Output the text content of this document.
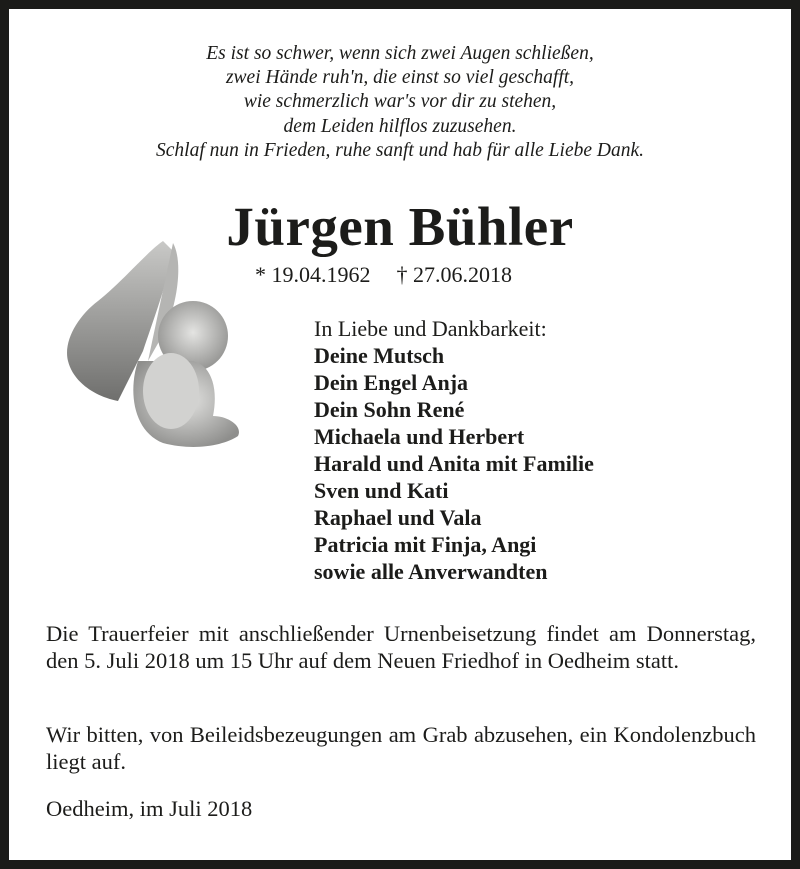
Es ist so schwer, wenn sich zwei Augen schließen,
zwei Hände ruh'n, die einst so viel geschafft,
wie schmerzlich war's vor dir zu stehen,
dem Leiden hilflos zuzusehen.
Schlaf nun in Frieden, ruhe sanft und hab für alle Liebe Dank.
Jürgen Bühler
* 19.04.1962 † 27.06.2018
In Liebe und Dankbarkeit:
Deine Mutsch
Dein Engel Anja
Dein Sohn René
Michaela und Herbert
Harald und Anita mit Familie
Sven und Kati
Raphael und Vala
Patricia mit Finja, Angi
sowie alle Anverwandten
Die Trauerfeier mit anschließender Urnenbeisetzung findet am Donnerstag, den 5. Juli 2018 um 15 Uhr auf dem Neuen Friedhof in Oedheim statt.
Wir bitten, von Beileidsbezeugungen am Grab abzusehen, ein Kondolenzbuch liegt auf.
Oedheim, im Juli 2018
